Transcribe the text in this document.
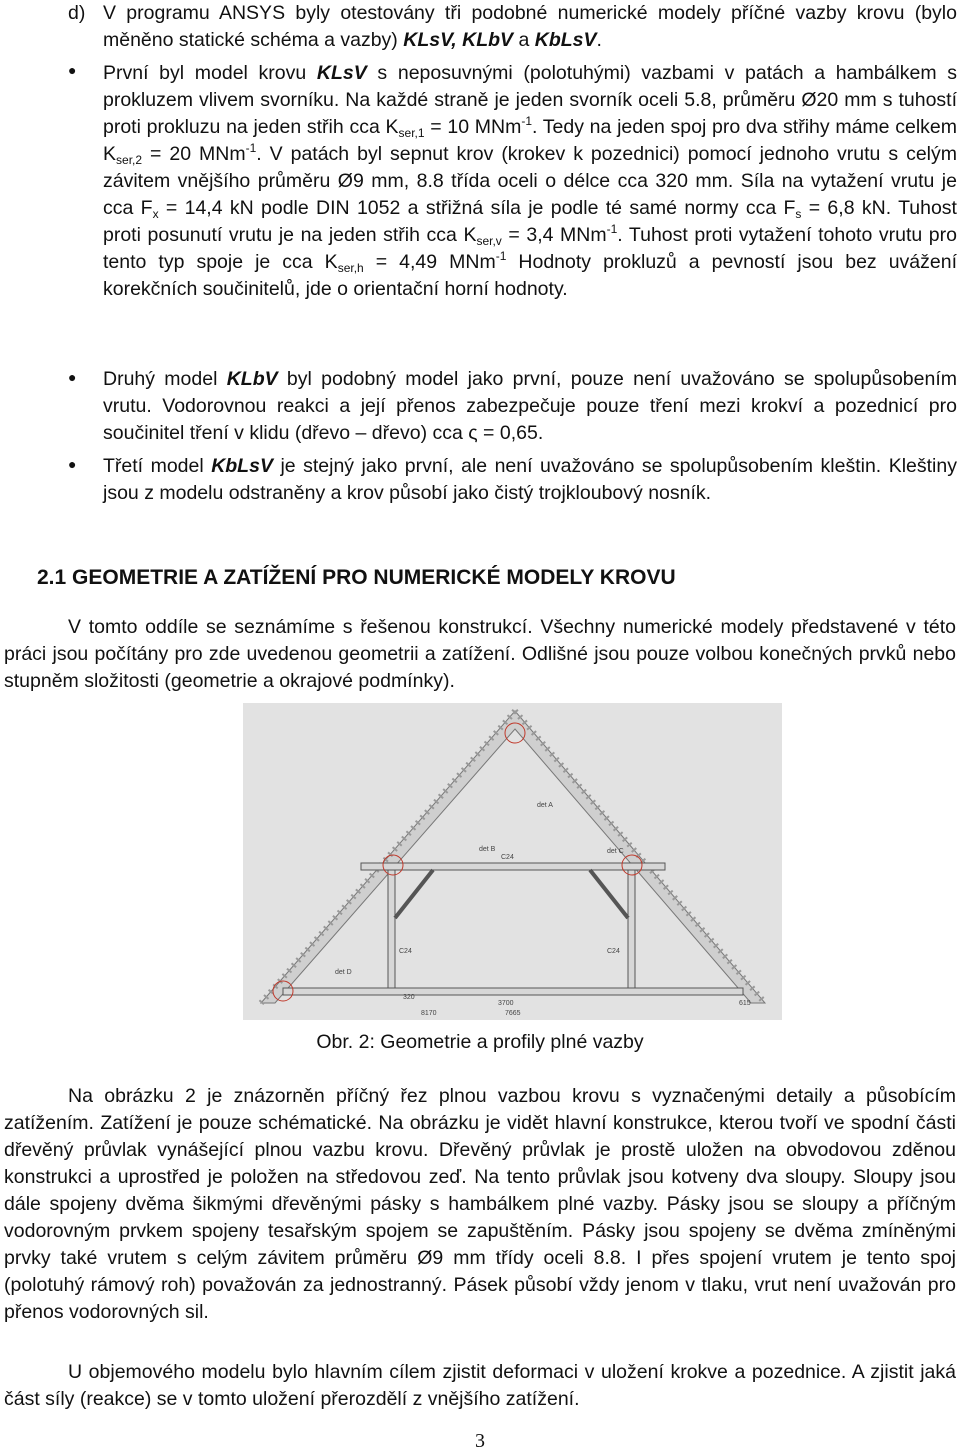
d) V programu ANSYS byly otestovány tři podobné numerické modely příčné vazby krovu (bylo měněno statické schéma a vazby) KLsV, KLbV a KbLsV.
● První byl model krovu KLsV s neposuvnými (polotuhými) vazbami v patách a hambálkem s prokluzem vlivem svorníku. Na každé straně je jeden svorník oceli 5.8, průměru Ø20 mm s tuhostí proti prokluzu na jeden střih cca $K_{ser,1} = 10$ MNm$^{-1}$. Tedy na jeden spoj pro dva střihy máme celkem $K_{ser,2} = 20$ MNm$^{-1}$. V patách byl sepnut krov (krokev k pozednici) pomocí jednoho vrutu s celým závitem vnějšího průměru Ø9 mm, 8.8 třída oceli o délce cca 320 mm. Síla na vytažení vrutu je cca $F_x = 14,4$ kN podle DIN 1052 a střižná síla je podle té samé normy cca $F_s = 6,8$ kN. Tuhost proti posunutí vrutu je na jeden střih cca $K_{ser,v} = 3,4$ MNm$^{-1}$. Tuhost proti vytažení tohoto vrutu pro tento typ spoje je cca $K_{ser,h} = 4,49$ MNm$^{-1}$ Hodnoty prokluzů a pevností jsou bez uvážení korekčních součinitelů, jde o orientační horní hodnoty.
● Druhý model KLbV byl podobný model jako první, pouze není uvažováno se spolupůsobením vrutu. Vodorovnou reakci a její přenos zabezpečuje pouze tření mezi krokví a pozednicí pro součinitel tření v klidu (dřevo – dřevo) cca ς = 0,65.
● Třetí model KbLsV je stejný jako první, ale není uvažováno se spolupůsobením kleštin. Kleštiny jsou z modelu odstraněny a krov působí jako čistý trojkloubový nosník.
2.1 GEOMETRIE A ZATÍŽENÍ PRO NUMERICKÉ MODELY KROVU
V tomto oddíle se seznámíme s řešenou konstrukcí. Všechny numerické modely představené v této práci jsou počítány pro zde uvedenou geometrii a zatížení. Odlišné jsou pouze volbou konečných prvků nebo stupněm složitosti (geometrie a okrajové podmínky).
det A
det B	det C
det D
C24	C24
C24
3700
320
7665
615
8170
Obr. 2: Geometrie a profily plné vazby
Na obrázku 2 je znázorněn příčný řez plnou vazbou krovu s vyznačenými detaily a působícím zatížením. Zatížení je pouze schématické. Na obrázku je vidět hlavní konstrukce, kterou tvoří ve spodní části dřevěný průvlak vynášející plnou vazbu krovu. Dřevěný průvlak je prostě uložen na obvodovou zděnou konstrukci a uprostřed je položen na středovou zeď. Na tento průvlak jsou kotveny dva sloupy. Sloupy jsou dále spojeny dvěma šikmými dřevěnými pásky s hambálkem plné vazby. Pásky jsou se sloupy a příčným vodorovným prvkem spojeny tesařským spojem se zapuštěním. Pásky jsou spojeny se dvěma zmíněnými prvky také vrutem s celým závitem průměru Ø9 mm třídy oceli 8.8. I přes spojení vrutem je tento spoj (polotuhý rámový roh) považován za jednostranný. Pásek působí vždy jenom v tlaku, vrut není uvažován pro přenos vodorovných sil.
U objemového modelu bylo hlavním cílem zjistit deformaci v uložení krokve a pozednice. A zjistit jaká část síly (reakce) se v tomto uložení přerozdělí z vnějšího zatížení.
3
